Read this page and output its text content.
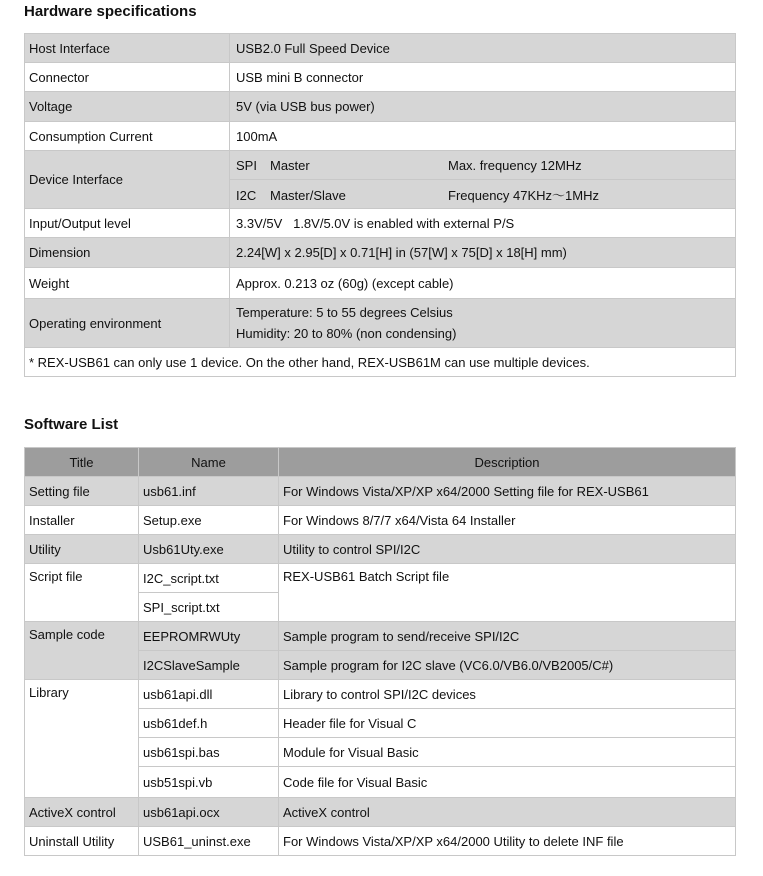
Hardware specifications
Host Interface	USB2.0 Full Speed Device
Connector	USB mini B connector
Voltage	5V (via USB bus power)
Consumption Current	100mA
Device Interface	SPI Master Max. frequency 12MHz
	I2C Master/Slave Frequency 47KHz～1MHz
Input/Output level	3.3V/5V   1.8V/5.0V is enabled with external P/S
Dimension	2.24[W] x 2.95[D] x 0.71[H] in (57[W] x 75[D] x 18[H] mm)
Weight	Approx. 0.213 oz (60g) (except cable)
Operating environment	Temperature: 5 to 55 degrees Celsius
Humidity: 20 to 80% (non condensing)

* REX-USB61 can only use 1 device. On the other hand, REX-USB61M can use multiple devices.	
Software List
Title	Name	Description
Setting file	usb61.inf	For Windows Vista/XP/XP x64/2000 Setting file for REX-USB61
Installer	Setup.exe	For Windows 8/7/7 x64/Vista 64 Installer
Utility	Usb61Uty.exe	Utility to control SPI/I2C
Script file	I2C_script.txt	REX-USB61 Batch Script file
	SPI_script.txt	
Sample code	EEPROMRWUty	Sample program to send/receive SPI/I2C
	I2CSlaveSample	Sample program for I2C slave (VC6.0/VB6.0/VB2005/C#)
Library	usb61api.dll	Library to control SPI/I2C devices
	usb61def.h	Header file for Visual C
	usb61spi.bas	Module for Visual Basic
	usb51spi.vb	Code file for Visual Basic
ActiveX control	usb61api.ocx	ActiveX control
Uninstall Utility	USB61_uninst.exe	For Windows Vista/XP/XP x64/2000 Utility to delete INF file
